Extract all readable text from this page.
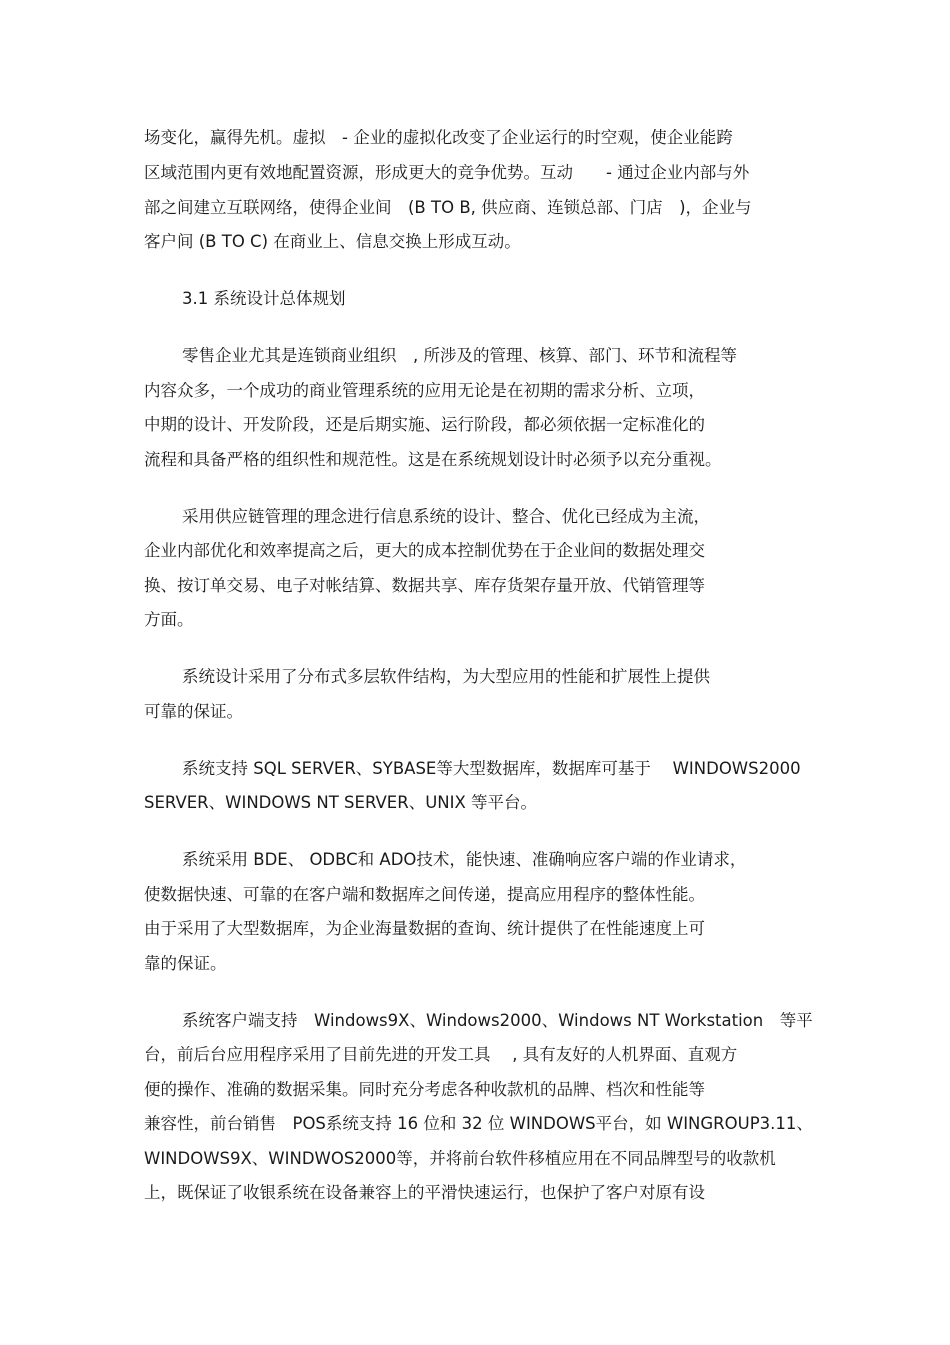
场变化，赢得先机。虚拟　- 企业的虚拟化改变了企业运行的时空观，使企业能跨
区域范围内更有效地配置资源，形成更大的竞争优势。互动　　- 通过企业内部与外
部之间建立互联网络，使得企业间　(B TO B, 供应商、连锁总部、门店　)，企业与
客户间 (B TO C) 在商业上、信息交换上形成互动。
3.1 系统设计总体规划
零售企业尤其是连锁商业组织　, 所涉及的管理、核算、部门、环节和流程等
内容众多，一个成功的商业管理系统的应用无论是在初期的需求分析、立项，
中期的设计、开发阶段，还是后期实施、运行阶段，都必须依据一定标准化的
流程和具备严格的组织性和规范性。这是在系统规划设计时必须予以充分重视。
采用供应链管理的理念进行信息系统的设计、整合、优化已经成为主流，
企业内部优化和效率提高之后，更大的成本控制优势在于企业间的数据处理交
换、按订单交易、电子对帐结算、数据共享、库存货架存量开放、代销管理等
方面。
系统设计采用了分布式多层软件结构，为大型应用的性能和扩展性上提供
可靠的保证。
系统支持 SQL SERVER、SYBASE等大型数据库，数据库可基于　 WINDOWS2000
SERVER、WINDOWS NT SERVER、UNIX 等平台。
系统采用 BDE、 ODBC和 ADO技术，能快速、准确响应客户端的作业请求，
使数据快速、可靠的在客户端和数据库之间传递，提高应用程序的整体性能。
由于采用了大型数据库，为企业海量数据的查询、统计提供了在性能速度上可
靠的保证。
系统客户端支持　Windows9X、Windows2000、Windows NT Workstation　等平
台，前后台应用程序采用了目前先进的开发工具　 , 具有友好的人机界面、直观方
便的操作、准确的数据采集。同时充分考虑各种收款机的品牌、档次和性能等
兼容性，前台销售　POS系统支持 16 位和 32 位 WINDOWS平台，如 WINGROUP3.11、
WINDOWS9X、WINDWOS2000等，并将前台软件移植应用在不同品牌型号的收款机
上，既保证了收银系统在设备兼容上的平滑快速运行，也保护了客户对原有设
